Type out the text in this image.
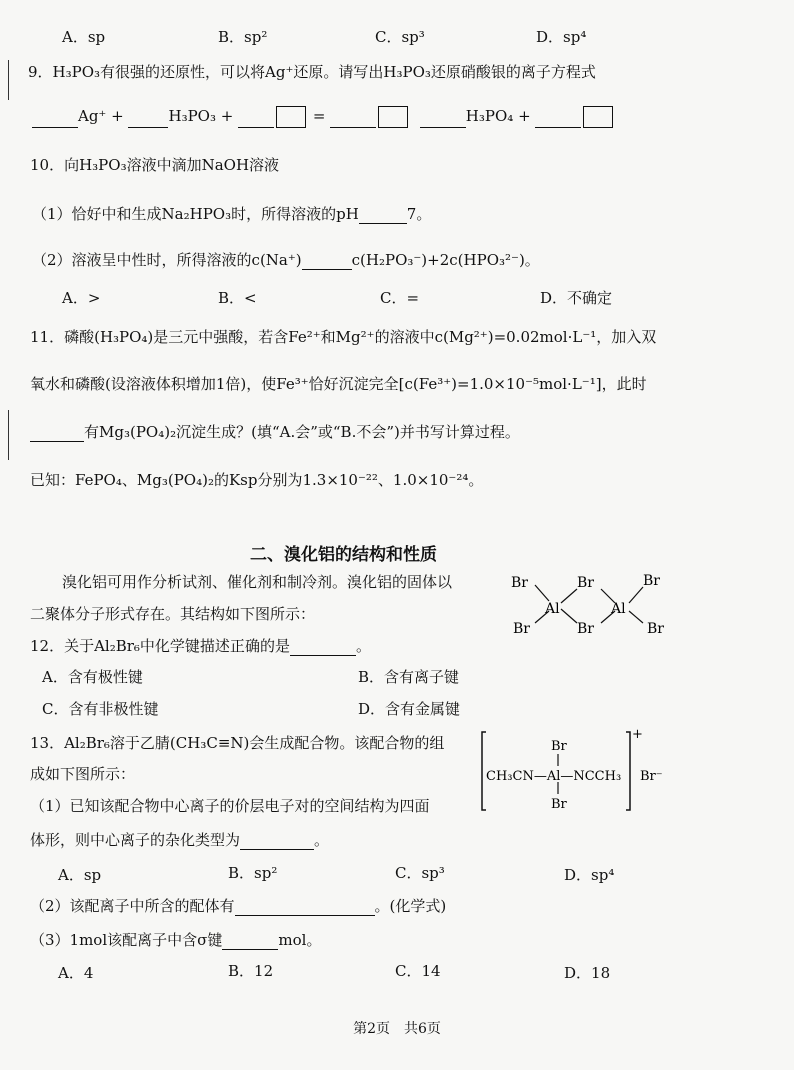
A．sp	B．sp²	C．sp³	D．sp⁴
9．H₃PO₃有很强的还原性，可以将Ag⁺还原。请写出H₃PO₃还原硝酸银的离子方程式
Ag⁺ +	H₃PO₃ +	=	H₃PO₄ +
10．向H₃PO₃溶液中滴加NaOH溶液
（1）恰好中和生成Na₂HPO₃时，所得溶液的pH	7。
（2）溶液呈中性时，所得溶液的c(Na⁺)	c(H₂PO₃⁻)+2c(HPO₃²⁻)。
A．>	B．<	C．=	D．不确定
11．磷酸(H₃PO₄)是三元中强酸，若含Fe²⁺和Mg²⁺的溶液中c(Mg²⁺)=0.02mol·L⁻¹，加入双
氧水和磷酸(设溶液体积增加1倍)，使Fe³⁺恰好沉淀完全[c(Fe³⁺)=1.0×10⁻⁵mol·L⁻¹]，此时
有Mg₃(PO₄)₂沉淀生成？(填“A.会”或“B.不会”)并书写计算过程。
已知：FePO₄、Mg₃(PO₄)₂的Ksp分别为1.3×10⁻²²、1.0×10⁻²⁴。
二、溴化铝的结构和性质
溴化铝可用作分析试剂、催化剂和制冷剂。溴化铝的固体以
二聚体分子形式存在。其结构如下图所示：
Br
Br
Al
Br
Br
Al
Br
Br
12．关于Al₂Br₆中化学键描述正确的是	。
A．含有极性键	B．含有离子键
C．含有非极性键	D．含有金属键
13．Al₂Br₆溶于乙腈(CH₃C≡N)会生成配合物。该配合物的组
成如下图所示：
Br
CH₃CN—Al—NCCH₃
Br
+
Br⁻
（1）已知该配合物中心离子的价层电子对的空间结构为四面
体形，则中心离子的杂化类型为	。
A．sp	B．sp²	C．sp³	D．sp⁴
（2）该配离子中所含的配体有	。(化学式)
（3）1mol该配离子中含σ键	mol。
A．4	B．12	C．14	D．18
第2页　共6页
